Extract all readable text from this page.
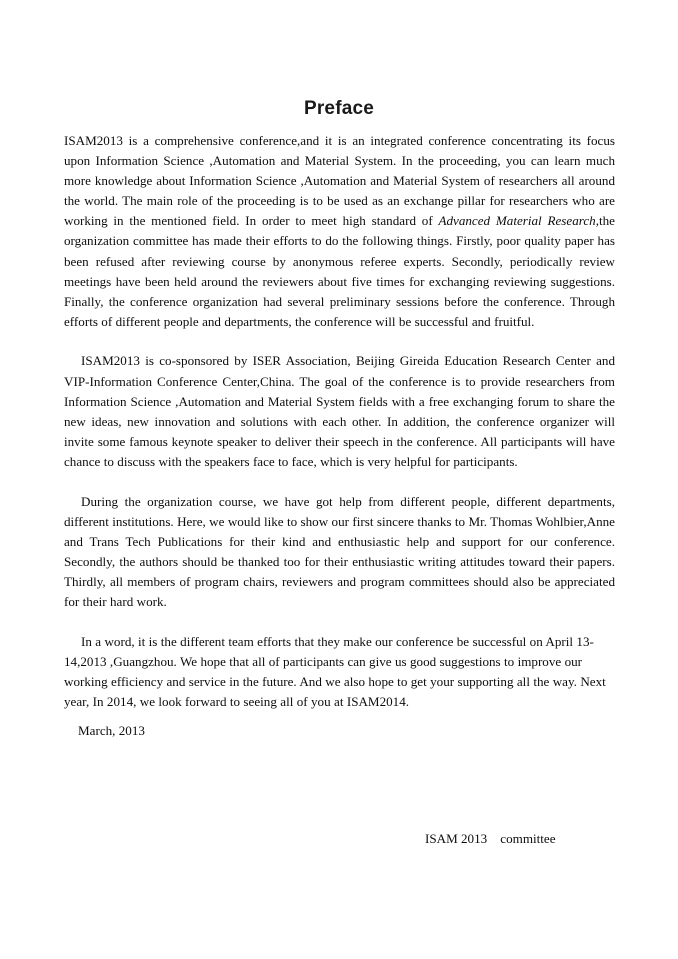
Preface

ISAM2013 is a comprehensive conference,and it is an integrated conference concentrating its focus upon Information Science ,Automation and Material System. In the proceeding, you can learn much more knowledge about Information Science ,Automation and Material System of researchers all around the world. The main role of the proceeding is to be used as an exchange pillar for researchers who are working in the mentioned field. In order to meet high standard of Advanced Material Research,the organization committee has made their efforts to do the following things. Firstly, poor quality paper has been refused after reviewing course by anonymous referee experts. Secondly, periodically review meetings have been held around the reviewers about five times for exchanging reviewing suggestions. Finally, the conference organization had several preliminary sessions before the conference. Through efforts of different people and departments, the conference will be successful and fruitful.

ISAM2013 is co-sponsored by ISER Association, Beijing Gireida Education Research Center and VIP-Information Conference Center,China. The goal of the conference is to provide researchers from Information Science ,Automation and Material System fields with a free exchanging forum to share the new ideas, new innovation and solutions with each other. In addition, the conference organizer will invite some famous keynote speaker to deliver their speech in the conference. All participants will have chance to discuss with the speakers face to face, which is very helpful for participants.

During the organization course, we have got help from different people, different departments, different institutions. Here, we would like to show our first sincere thanks to Mr. Thomas Wohlbier,Anne and Trans Tech Publications for their kind and enthusiastic help and support for our conference. Secondly, the authors should be thanked too for their enthusiastic writing attitudes toward their papers. Thirdly, all members of program chairs, reviewers and program committees should also be appreciated for their hard work.

In a word, it is the different team efforts that they make our conference be successful on April 13-14,2013 ,Guangzhou. We hope that all of participants can give us good suggestions to improve our working efficiency and service in the future. And we also hope to get your supporting all the way. Next year, In 2014, we look forward to seeing all of you at ISAM2014.

March, 2013
ISAM 2013    committee
